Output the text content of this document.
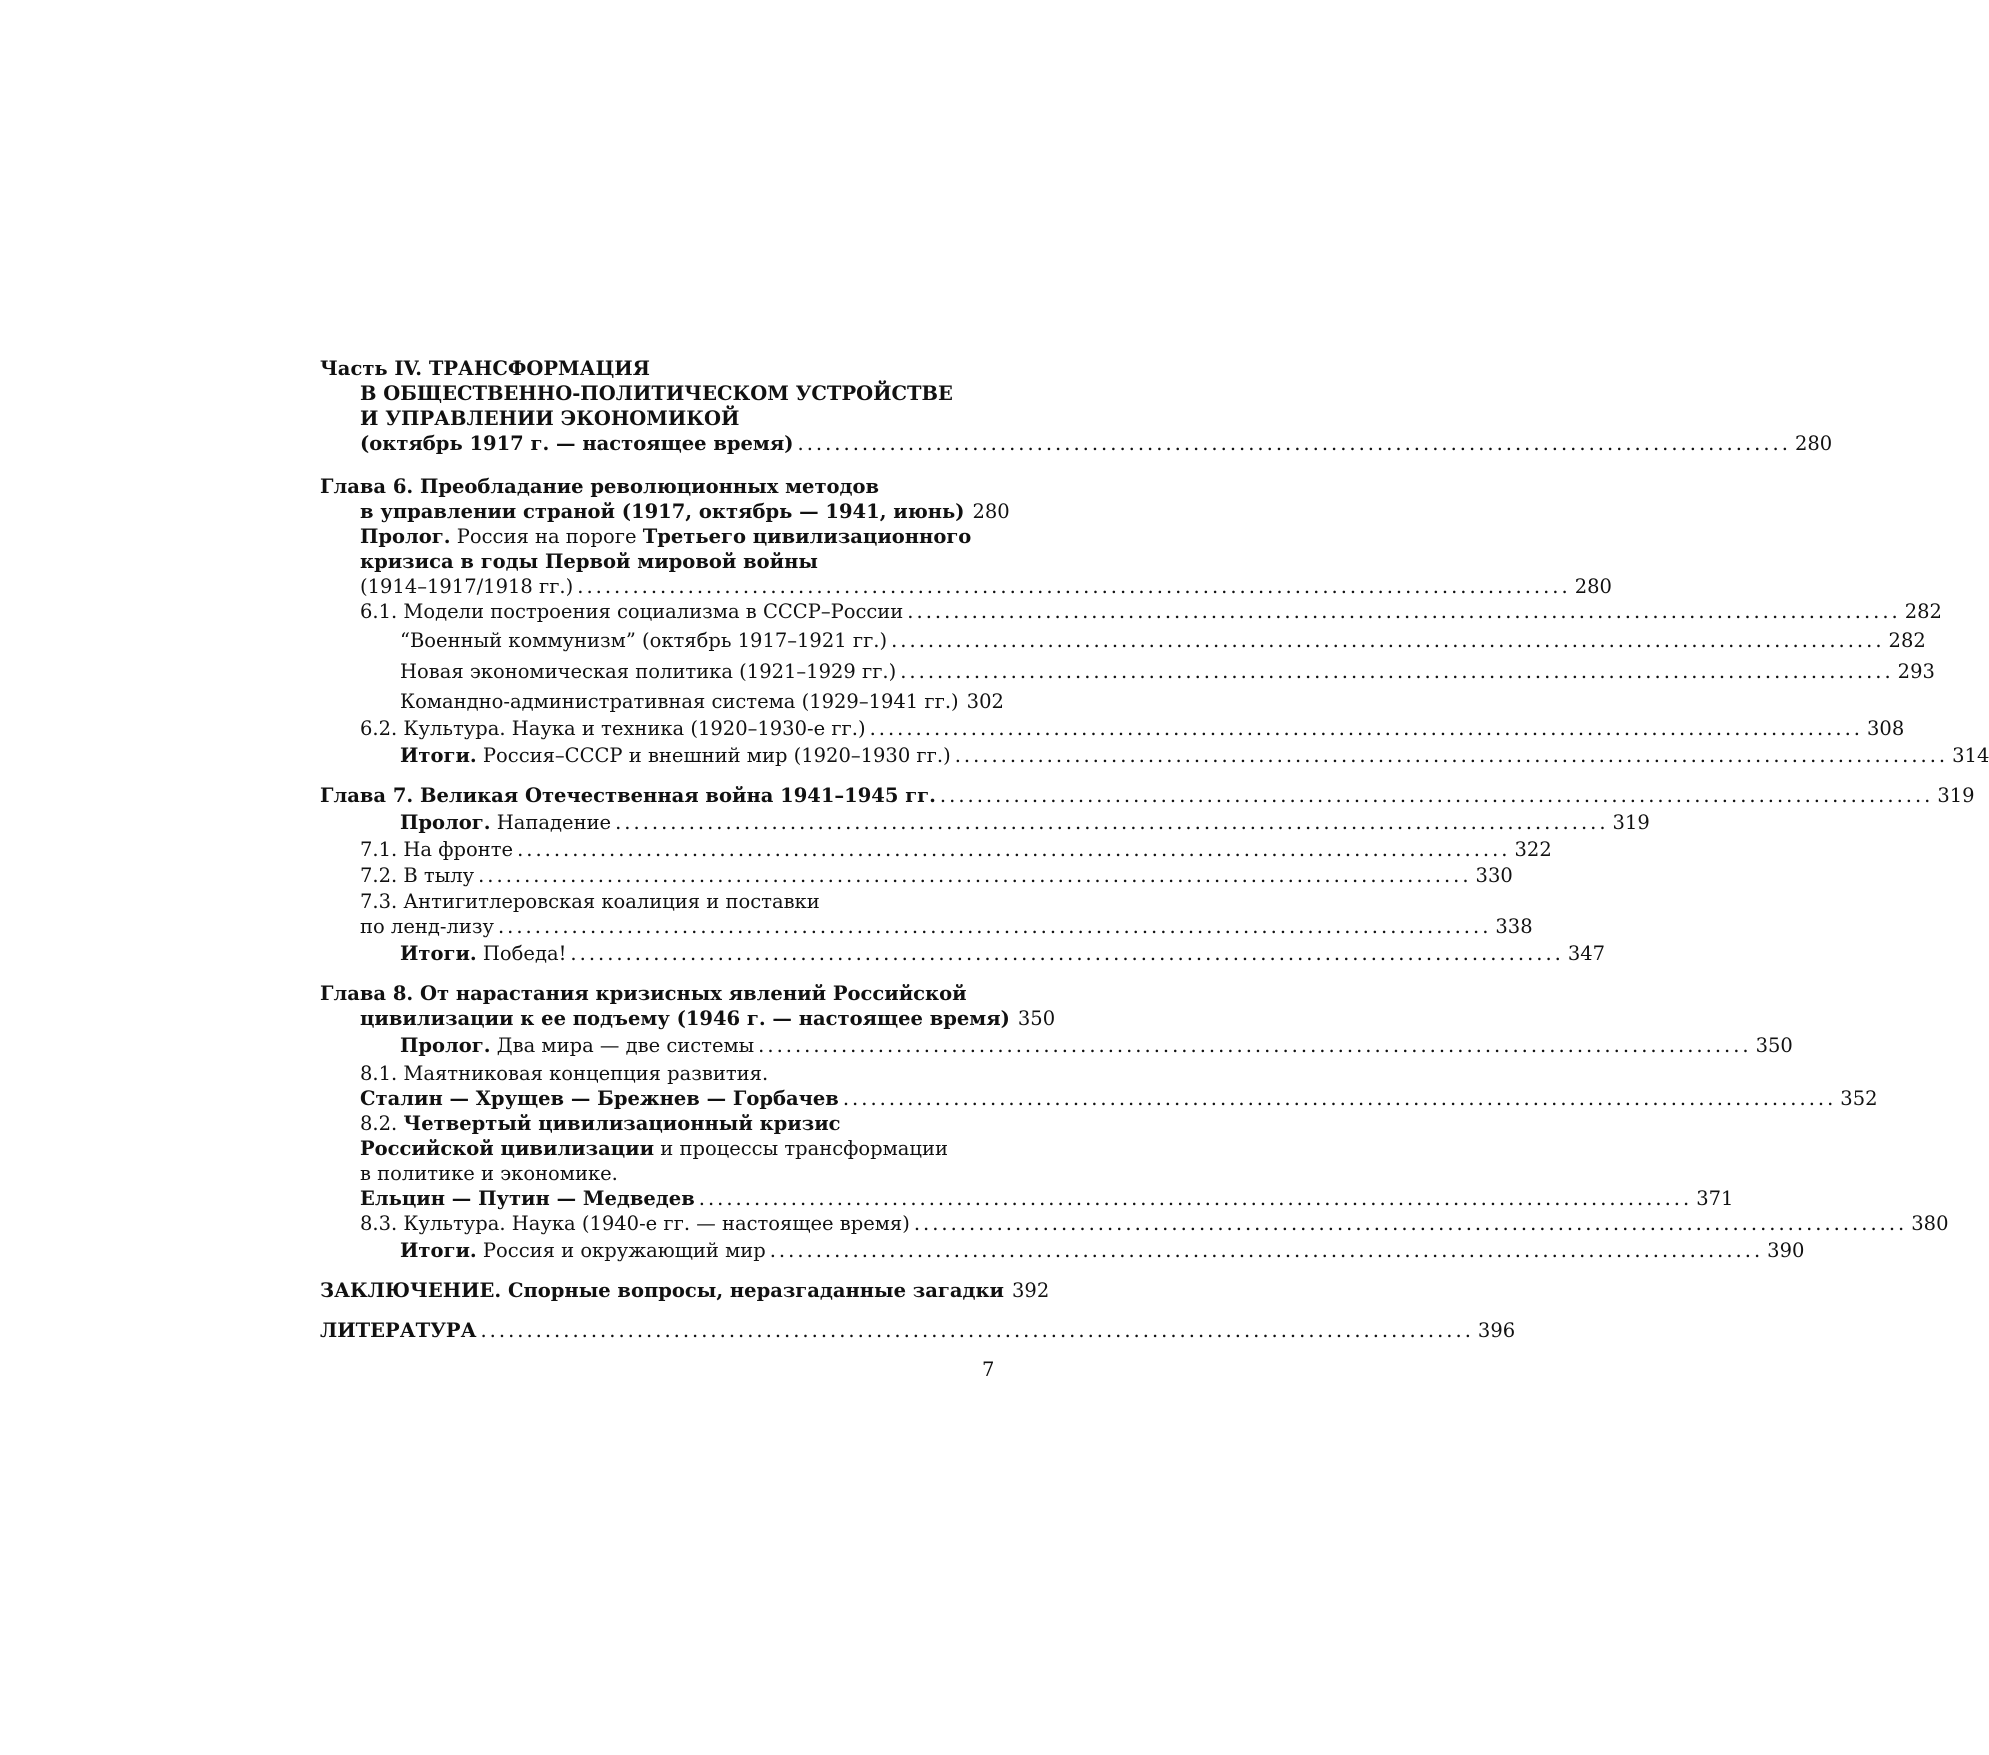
Часть IV. ТРАНСФОРМАЦИЯ
В ОБЩЕСТВЕННО-ПОЛИТИЧЕСКОМ УСТРОЙСТВЕ
И УПРАВЛЕНИИ ЭКОНОМИКОЙ
(октябрь 1917 г. — настоящее время) ............................................................................................................ 280
Глава 6. Преобладание революционных методов
в управлении страной (1917, октябрь — 1941, июнь) 280
Пролог. Россия на пороге Третьего цивилизационного
кризиса в годы Первой мировой войны
(1914–1917/1918 гг.) ............................................................................................................ 280
6.1. Модели построения социализма в СССР–России ............................................................................................................ 282
“Военный коммунизм” (октябрь 1917–1921 гг.) ............................................................................................................ 282
Новая экономическая политика (1921–1929 гг.) ............................................................................................................ 293
Командно-административная система (1929–1941 гг.) 302
6.2. Культура. Наука и техника (1920–1930-е гг.) ............................................................................................................ 308
Итоги. Россия–СССР и внешний мир (1920–1930 гг.) ............................................................................................................ 314
Глава 7. Великая Отечественная война 1941–1945 гг. ............................................................................................................ 319
Пролог. Нападение ............................................................................................................ 319
7.1. На фронте ............................................................................................................ 322
7.2. В тылу ............................................................................................................ 330
7.3. Антигитлеровская коалиция и поставки
по ленд-лизу ............................................................................................................ 338
Итоги. Победа! ............................................................................................................ 347
Глава 8. От нарастания кризисных явлений Российской
цивилизации к ее подъему (1946 г. — настоящее время) 350
Пролог. Два мира — две системы ............................................................................................................ 350
8.1. Маятниковая концепция развития.
Сталин — Хрущев — Брежнев — Горбачев ............................................................................................................ 352
8.2. Четвертый цивилизационный кризис
Российской цивилизации и процессы трансформации
в политике и экономике.
Ельцин — Путин — Медведев ............................................................................................................ 371
8.3. Культура. Наука (1940-е гг. — настоящее время) ............................................................................................................ 380
Итоги. Россия и окружающий мир ............................................................................................................ 390
ЗАКЛЮЧЕНИЕ. Спорные вопросы, неразгаданные загадки 392
ЛИТЕРАТУРА ............................................................................................................ 396
7
